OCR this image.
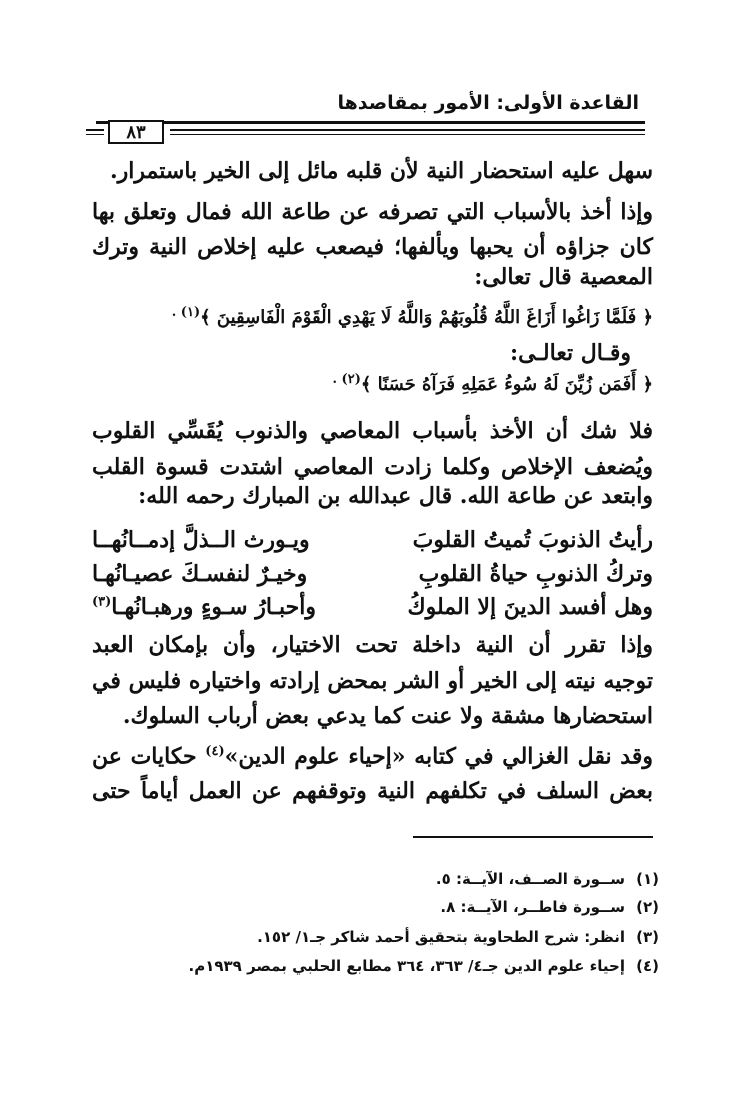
القاعدة الأولى: الأمور بمقاصدها
٨٣
سهل عليه استحضار النية لأن قلبه مائل إلى الخير باستمرار.
وإذا أخذ بالأسباب التي تصرفه عن طاعة الله فمال وتعلق بها
كان جزاؤه أن يحبها ويألفها؛ فيصعب عليه إخلاص النية وترك
المعصية قال تعالى:
﴿ فَلَمَّا زَاغُوا أَزَاغَ اللَّهُ قُلُوبَهُمْ وَاللَّهُ لَا يَهْدِي الْقَوْمَ الْفَاسِقِينَ ﴾$^{(١) .}$
وقـال تعالـى:
﴿ أَفَمَن زُيِّنَ لَهُ سُوءُ عَمَلِهِ فَرَآهُ حَسَنًا ﴾$^{(٢) .}$
فلا شك أن الأخذ بأسباب المعاصي والذنوب يُقَسِّي القلوب
ويُضعف الإخلاص وكلما زادت المعاصي اشتدت قسوة القلب
وابتعد عن طاعة الله. قال عبدالله بن المبارك رحمه الله:
رأيتُ الذنوبَ تُميتُ القلوبَ
ويـورث الــذلَّ إدمــانُهــا
وتركُ الذنوبِ حياةُ القلوبِ
وخيـرٌ لنفسـكَ عصيـانُهـا
وهل أفسد الدينَ إلا الملوكُ
وأحبـارُ سـوءٍ ورهبـانُهـا$^{(٣)}$
وإذا تقرر أن النية داخلة تحت الاختيار، وأن بإمكان العبد
توجيه نيته إلى الخير أو الشر بمحض إرادته واختياره فليس في
استحضارها مشقة ولا عنت كما يدعي بعض أرباب السلوك.
وقد نقل الغزالي في كتابه «إحياء علوم الدين»$^{(٤)}$ حكايات عن
بعض السلف في تكلفهم النية وتوقفهم عن العمل أياماً حتى
(١)ســورة الصــف، الآيــة: ٥.
(٢)ســورة فاطــر، الآيــة: ٨.
(٣)انظر: شرح الطحاوية بتحقيق أحمد شاكر جـ١/ ١٥٢.
(٤)إحياء علوم الدين جـ٤/ ٣٦٣، ٣٦٤ مطابع الحلبي بمصر ١٩٣٩م.
